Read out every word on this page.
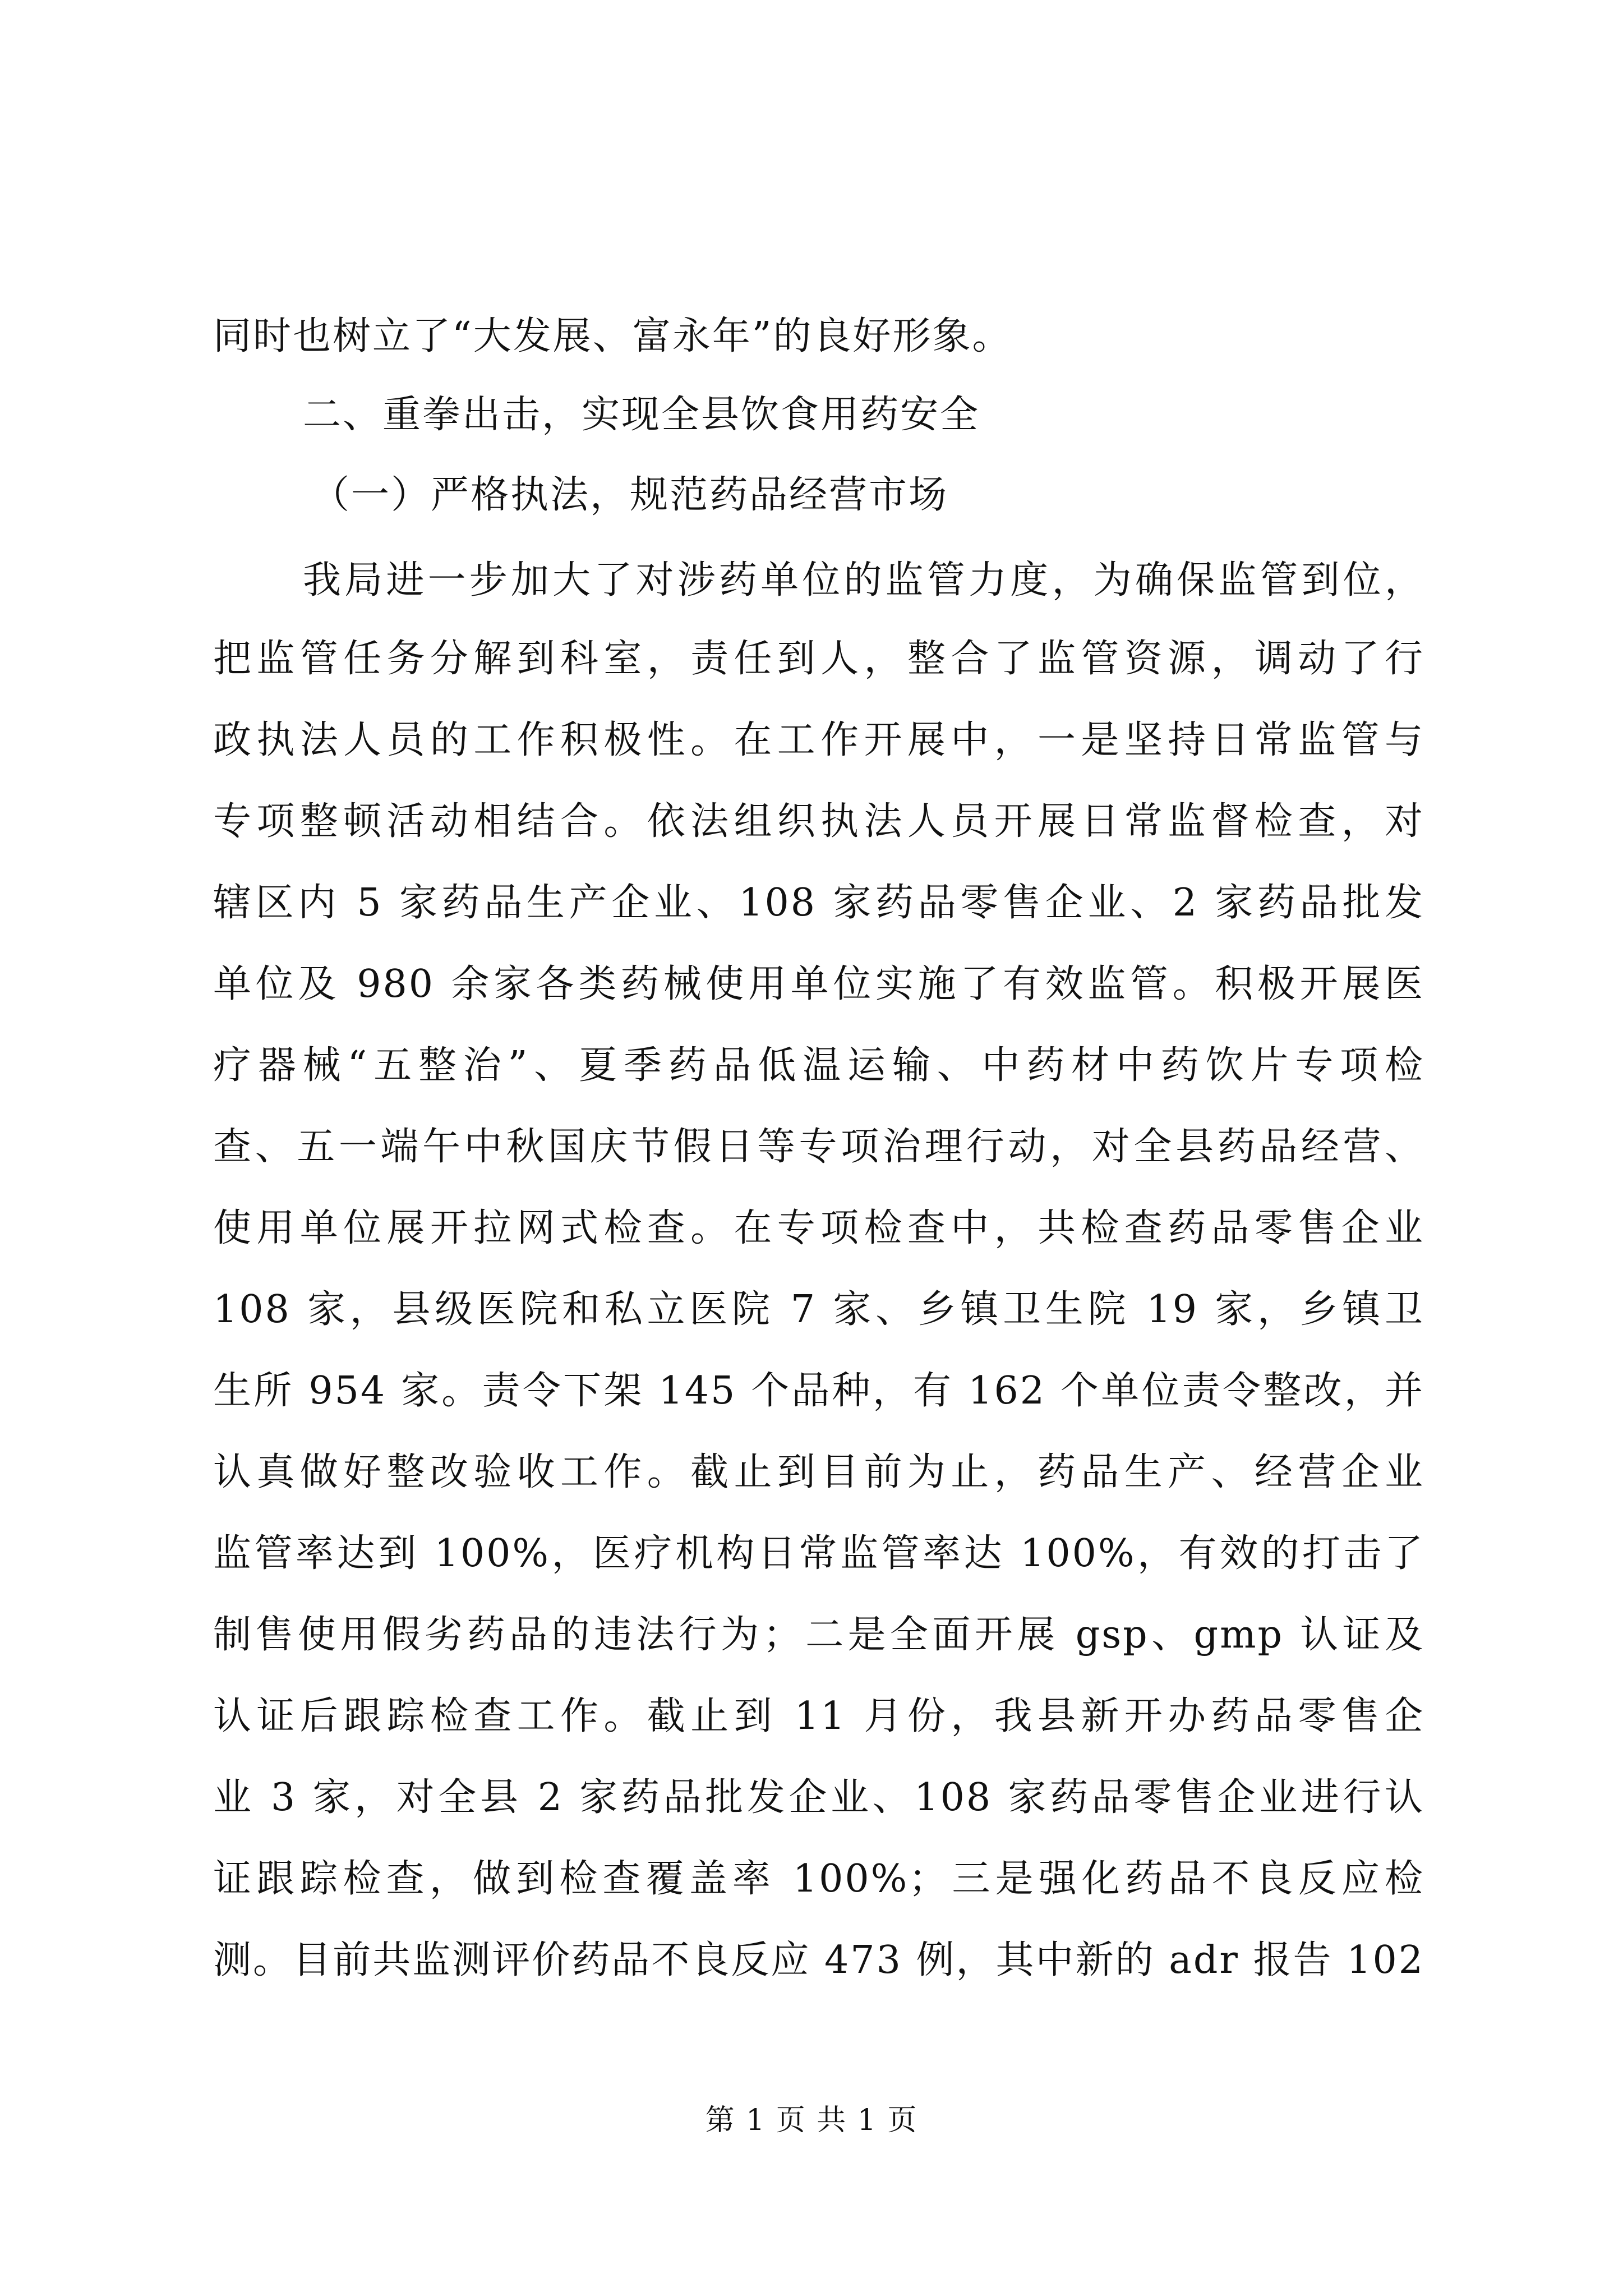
同时也树立了“大发展、富永年”的良好形象。
二、重拳出击，实现全县饮食用药安全
（一）严格执法，规范药品经营市场
我局进一步加大了对涉药单位的监管力度，为确保监管到位，
把监管任务分解到科室，责任到人，整合了监管资源，调动了行
政执法人员的工作积极性。在工作开展中，一是坚持日常监管与
专项整顿活动相结合。依法组织执法人员开展日常监督检查，对
辖区内 5 家药品生产企业、108 家药品零售企业、2 家药品批发
单位及 980 余家各类药械使用单位实施了有效监管。积极开展医
疗器械“五整治”、夏季药品低温运输、中药材中药饮片专项检
查、五一端午中秋国庆节假日等专项治理行动，对全县药品经营、
使用单位展开拉网式检查。在专项检查中，共检查药品零售企业
108 家，县级医院和私立医院 7 家、乡镇卫生院 19 家，乡镇卫
生所 954 家。责令下架 145 个品种，有 162 个单位责令整改，并
认真做好整改验收工作。截止到目前为止，药品生产、经营企业
监管率达到 100%，医疗机构日常监管率达 100%，有效的打击了
制售使用假劣药品的违法行为；二是全面开展 gsp、gmp 认证及
认证后跟踪检查工作。截止到 11 月份，我县新开办药品零售企
业 3 家，对全县 2 家药品批发企业、108 家药品零售企业进行认
证跟踪检查，做到检查覆盖率 100%；三是强化药品不良反应检
测。目前共监测评价药品不良反应 473 例，其中新的 adr 报告 102
第 1 页 共 1 页
